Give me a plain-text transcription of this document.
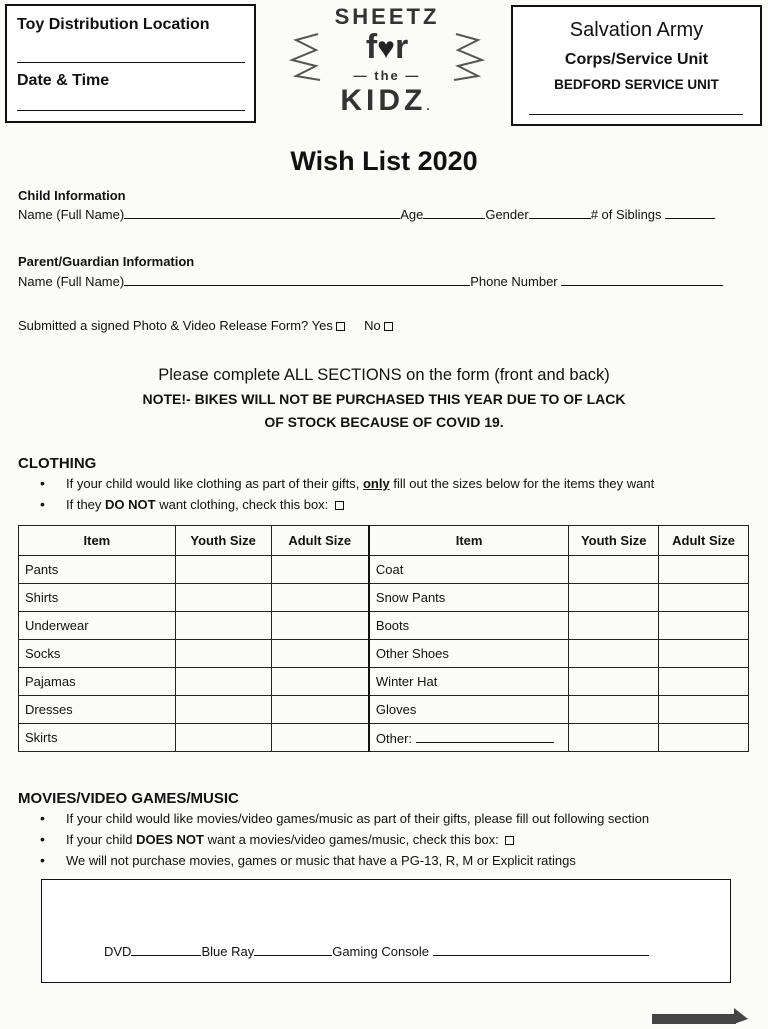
Toy Distribution Location
Date & Time
SHEETZ
f♥r
— the —
KIDZ.
Salvation Army
Corps/Service Unit
BEDFORD SERVICE UNIT
Wish List 2020
Child Information
Name (Full Name)	Age	Gender	# of Siblings
Parent/Guardian Information
Name (Full Name)	Phone Number
Submitted a signed Photo & Video Release Form? Yes No
Please complete ALL SECTIONS on the form (front and back)
NOTE!- BIKES WILL NOT BE PURCHASED THIS YEAR DUE TO OF LACK
OF STOCK BECAUSE OF COVID 19.
CLOTHING
• If your child would like clothing as part of their gifts, only fill out the sizes below for the items they want
• If they DO NOT want clothing, check this box:
Item	Youth Size	Adult Size	Item	Youth Size	Adult Size
Pants			Coat		
Shirts			Snow Pants		
Underwear			Boots		
Socks			Other Shoes		
Pajamas			Winter Hat		
Dresses			Gloves		
Skirts			Other:		
MOVIES/VIDEO GAMES/MUSIC
• If your child would like movies/video games/music as part of their gifts, please fill out following section
• If your child DOES NOT want a movies/video games/music, check this box:
• We will not purchase movies, games or music that have a PG-13, R, M or Explicit ratings
DVD	Blue Ray	Gaming Console
